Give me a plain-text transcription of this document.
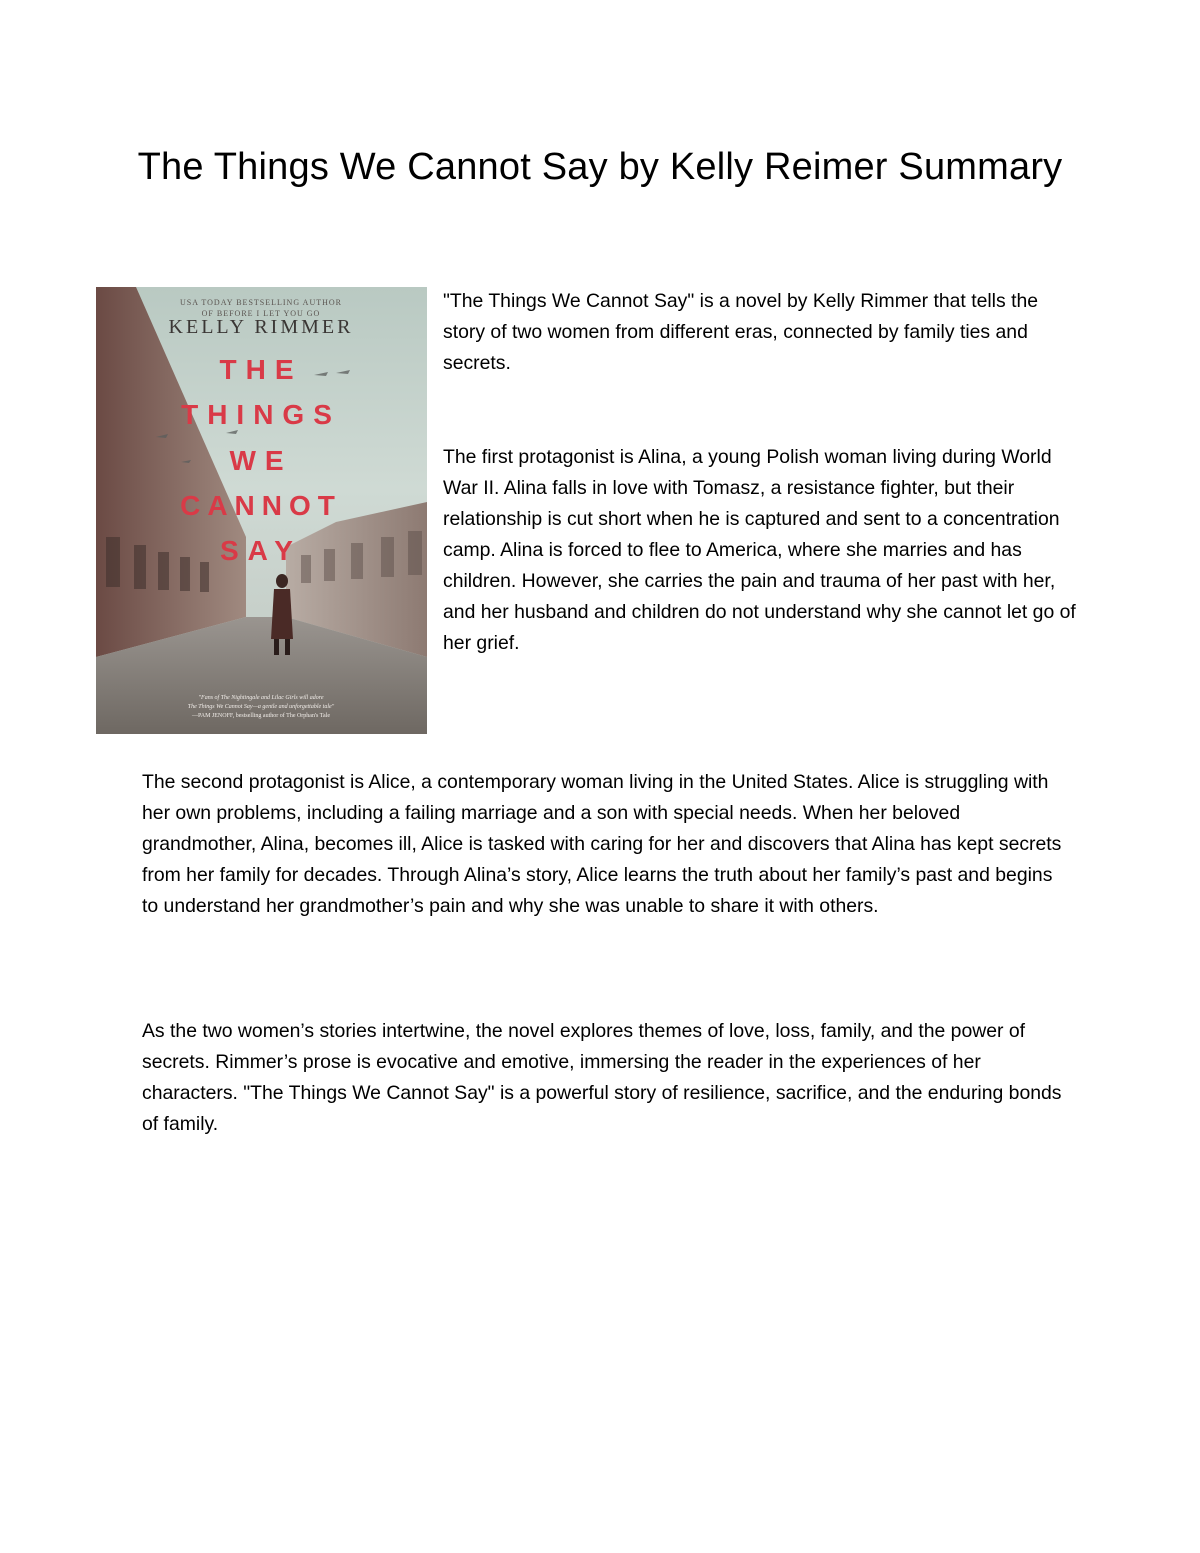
The Things We Cannot Say by Kelly Reimer Summary
USA TODAY BESTSELLING AUTHOR
OF BEFORE I LET YOU GO
KELLY RIMMER
THE
THINGS
WE
CANNOT
SAY
"Fans of The Nightingale and Lilac Girls will adore
The Things We Cannot Say—a gentle and unforgettable tale"
—PAM JENOFF, bestselling author of The Orphan's Tale

"The Things We Cannot Say" is a novel by Kelly Rimmer that tells the story of two women from different eras, connected by family ties and secrets.

The first protagonist is Alina, a young Polish woman living during World War II. Alina falls in love with Tomasz, a resistance fighter, but their relationship is cut short when he is captured and sent to a concentration camp. Alina is forced to flee to America, where she marries and has children. However, she carries the pain and trauma of her past with her, and her husband and children do not understand why she cannot let go of her grief.

The second protagonist is Alice, a contemporary woman living in the United States. Alice is struggling with her own problems, including a failing marriage and a son with special needs. When her beloved grandmother, Alina, becomes ill, Alice is tasked with caring for her and discovers that Alina has kept secrets from her family for decades. Through Alina’s story, Alice learns the truth about her family’s past and begins to understand her grandmother’s pain and why she was unable to share it with others.

As the two women’s stories intertwine, the novel explores themes of love, loss, family, and the power of secrets. Rimmer’s prose is evocative and emotive, immersing the reader in the experiences of her characters. "The Things We Cannot Say" is a powerful story of resilience, sacrifice, and the enduring bonds of family.
